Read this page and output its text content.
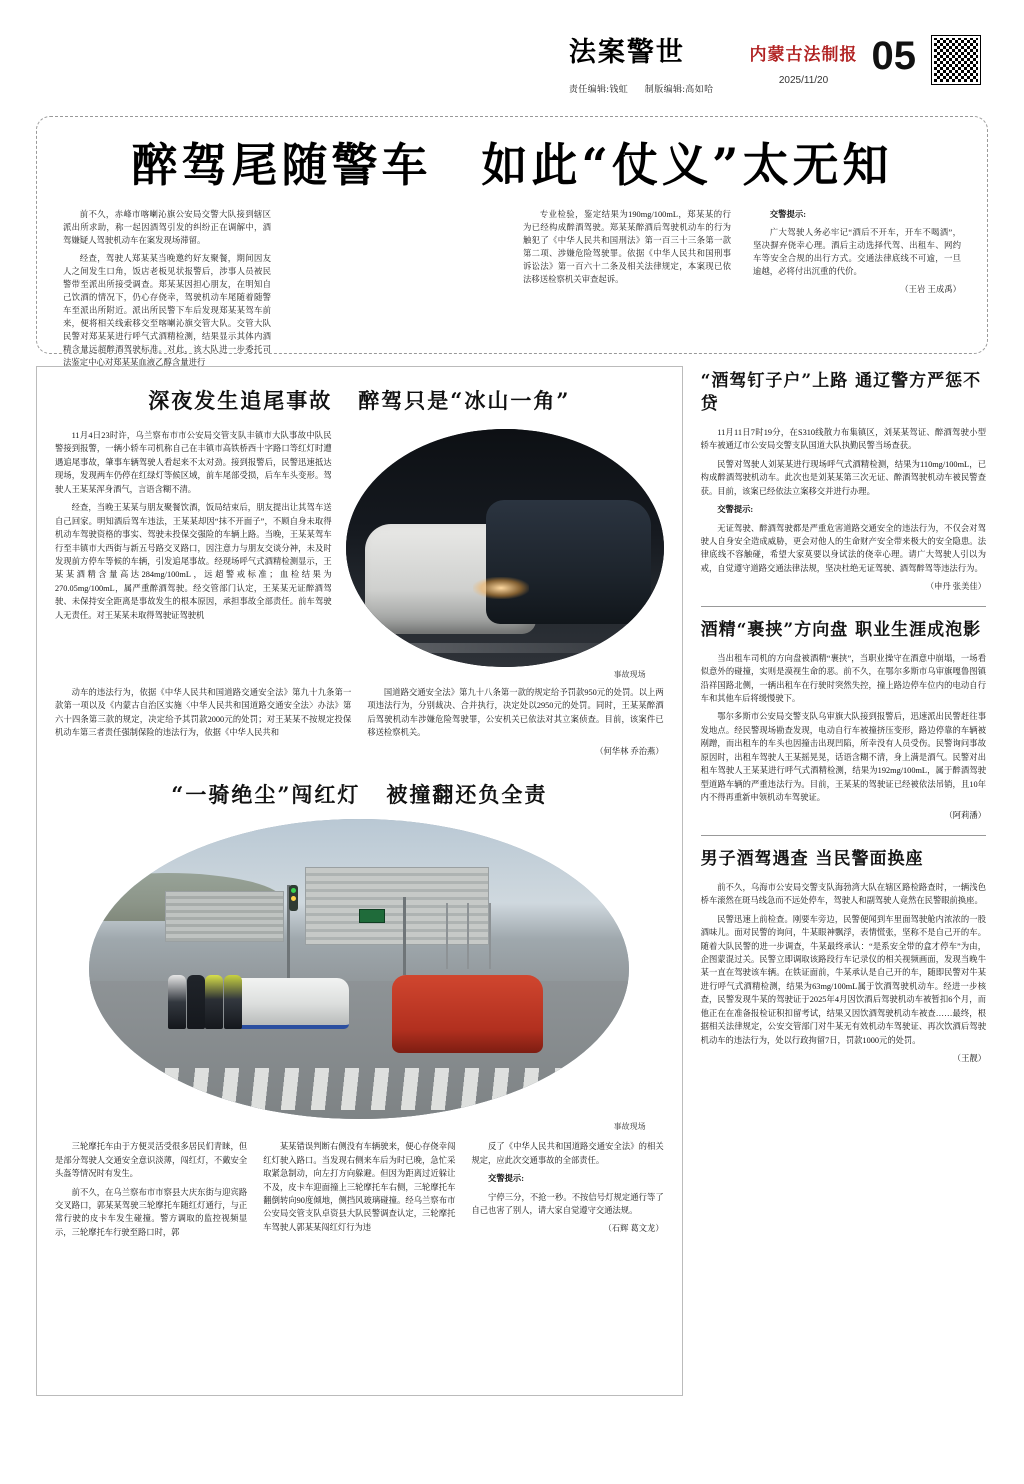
法案警世
责任编辑:钱虹 制版编辑:高如哈
内蒙古法制报
2025/11/20
05
醉驾尾随警车　如此“仗义”太无知

前不久，赤峰市喀喇沁旗公安局交警大队接到辖区派出所求助，称一起因酒驾引发的纠纷正在调解中，酒驾嫌疑人驾驶机动车在案发现场滞留。

经查，驾驶人郑某某当晚邀约好友聚餐，期间因友人之间发生口角，饭店老板见状报警后，涉事人员被民警带至派出所接受调查。郑某某因担心朋友，在明知自己饮酒的情况下，仍心存侥幸，驾驶机动车尾随着随警车至派出所附近。派出所民警下车后发现郑某某驾车前来，便将相关线索移交至喀喇沁旗交管大队。交管大队民警对郑某某进行呼气式酒精检测，结果显示其体内酒精含量远超醉酒驾驶标准。对此，该大队进一步委托司法鉴定中心对郑某某血液乙醇含量进行

专业检验，鉴定结果为190mg/100mL，郑某某的行为已经构成醉酒驾驶。郑某某醉酒后驾驶机动车的行为触犯了《中华人民共和国刑法》第一百三十三条第一款第二项、涉嫌危险驾驶罪。依据《中华人民共和国刑事诉讼法》第一百六十二条及相关法律规定，本案现已依法移送检察机关审查起诉。

交警提示:

广大驾驶人务必牢记“酒后不开车，开车不喝酒”，坚决摒弃侥幸心理。酒后主动选择代驾、出租车、网约车等安全合规的出行方式。交通法律底线不可逾，一旦逾越，必将付出沉重的代价。

（王岩 王成禹）

深夜发生追尾事故 醉驾只是“冰山一角”

11月4日23时许，乌兰察布市市公安局交管支队丰镇市大队事故中队民警接到报警，一辆小轿车司机称自己在丰镇市高铁桥西十字路口等红灯时遭遇追尾事故，肇事车辆驾驶人看起来不太对劲。接到报警后，民警迅速抵达现场，发现两车仍停在红绿灯等候区域，前车尾部受损，后车车头变形。驾驶人王某某浑身酒气，言语含糊不清。

经查，当晚王某某与朋友聚餐饮酒，饭局结束后，朋友提出让其驾车送自己回家。明知酒后驾车违法，王某某却因“抹不开面子”，不顾自身未取得机动车驾驶资格的事实、驾驶未投保交强险的车辆上路。当晚，王某某驾车行至丰镇市大西街与新五号路交叉路口，因注意力与朋友交谈分神，未及时发现前方停车等候的车辆，引发追尾事故。经现场呼气式酒精检测显示，王某某酒精含量高达284mg/100mL，远超警戒标准；血检结果为270.05mg/100mL，属严重醉酒驾驶。经交管部门认定，王某某无证醉酒驾驶、未保持安全距离是事故发生的根本原因，承担事故全部责任。前车驾驶人无责任。对王某某未取得驾驶证驾驶机

事故现场

动车的违法行为，依据《中华人民共和国道路交通安全法》第九十九条第一款第一项以及《内蒙古自治区实施〈中华人民共和国道路交通安全法〉办法》第六十四条第三款的规定，决定给予其罚款2000元的处罚；对王某某不按规定投保机动车第三者责任强制保险的违法行为，依据《中华人民共和

国道路交通安全法》第九十八条第一款的规定给予罚款950元的处罚。以上两项违法行为，分别裁决、合并执行，决定处以2950元的处罚。同时，王某某醉酒后驾驶机动车涉嫌危险驾驶罪，公安机关已依法对其立案侦查。目前，该案件已移送检察机关。

（何华林 乔治燕）

“一骑绝尘”闯红灯 被撞翻还负全责
事故现场

三轮摩托车由于方便灵活受很多居民们青睐，但是部分驾驶人交通安全意识淡薄，闯红灯，不戴安全头盔等情况时有发生。

前不久，在乌兰察布市市察县大庆东街与迎宾路交叉路口，郭某某驾驶三轮摩托车随红灯通行，与正常行驶的皮卡车发生碰撞。警方调取的监控视频显示，三轮摩托车行驶至路口时，郭

某某错误判断右侧没有车辆驶来，便心存侥幸闯红灯驶入路口。当发现右侧来车后为时已晚，急忙采取紧急制动，向左打方向躲避。但因为距离过近躲让不及，皮卡车迎面撞上三轮摩托车右侧，三轮摩托车翻倒转向90度倾地，侧挡风玻璃碰撞。经乌兰察布市公安局交管支队卓资县大队民警调查认定，三轮摩托车驾驶人郭某某闯红灯行为违

反了《中华人民共和国道路交通安全法》的相关规定，应此次交通事故的全部责任。

交警提示:

宁停三分，不抢一秒。不按信号灯规定通行等了自己也害了别人，请大家自觉遵守交通法规。

（石辉 葛文龙）

“酒驾钉子户”上路 通辽警方严惩不贷

11月11日7时19分，在S310线散力布集镇区，刘某某驾证、醉酒驾驶小型轿车被通辽市公安局交警支队国道大队执勤民警当场查获。

民警对驾驶人刘某某进行现场呼气式酒精检测，结果为110mg/100mL，已构成醉酒驾驶机动车。此次也是刘某某第三次无证、醉酒驾驶机动车被民警查获。目前，该案已经依法立案移交并进行办理。

交警提示:

无证驾驶、醉酒驾驶都是严重危害道路交通安全的违法行为，不仅会对驾驶人自身安全造成威胁，更会对他人的生命财产安全带来极大的安全隐患。法律底线不容触碰，希望大家莫要以身试法的侥幸心理。请广大驾驶人引以为戒，自觉遵守道路交通法律法规，坚决杜绝无证驾驶、酒驾醉驾等违法行为。

（申丹 张美佳）

酒精“裹挟”方向盘 职业生涯成泡影

当出租车司机的方向盘被酒精“裹挟”，当职业操守在酒意中崩塌，一场看似意外的碰撞，实则是漠视生命的恶。前不久，在鄂尔多斯市乌审旗嘎鲁图镇沿祥国路北侧，一辆出租车在行驶时突然失控，撞上路边停车位内的电动自行车和其他车后将缓慢驶下。

鄂尔多斯市公安局交警支队乌审旗大队接到报警后，迅速派出民警赶往事发地点。经民警现场勘查发现，电动自行车被撞挤压变形，路边停靠的车辆被剐蹭，而出租车的车头也因撞击出现凹陷，所幸没有人员受伤。民警询问事故原因时，出租车驾驶人王某摇晃晃，话语含糊不清，身上满是酒气。民警对出租车驾驶人王某某进行呼气式酒精检测，结果为192mg/100mL，属于醉酒驾驶型道路车辆的严重违法行为。目前，王某某的驾驶证已经被依法吊销，且10年内不得再重新申领机动车驾驶证。

（阿莉潘）

男子酒驾遇查 当民警面换座

前不久，乌海市公安局交警支队海勃湾大队在辖区路检路查时，一辆浅色桥车滚然在斑马线急而不远处停车，驾驶人和副驾驶人竟然在民警眼前换座。

民警迅速上前检查。刚要车旁边，民警便闻到车里面驾驶舱内浓浓的一股酒味儿。面对民警的询问，牛某眼神飘浮，表情慌张，坚称不是自己开的车。随着大队民警的进一步调查，牛某最终承认：“是系安全带的盒才停车”为由，企图蒙混过关。民警立即调取该路段行车记录仪的相关视频画面，发现当晚牛某一直在驾驶该车辆。在铁证面前，牛某承认是自己开的车，随即民警对牛某进行呼气式酒精检测，结果为63mg/100mL属于饮酒驾驶机动车。经进一步核查，民警发现牛某的驾驶证于2025年4月因饮酒后驾驶机动车被暂扣6个月，而他正在在准备报检证积扣留考试，结果又因饮酒驾驶机动车被查……最终，根据相关法律规定，公安交管部门对牛某无有效机动车驾驶证、再次饮酒后驾驶机动车的违法行为，处以行政拘留7日，罚款1000元的处罚。

（王靓）
